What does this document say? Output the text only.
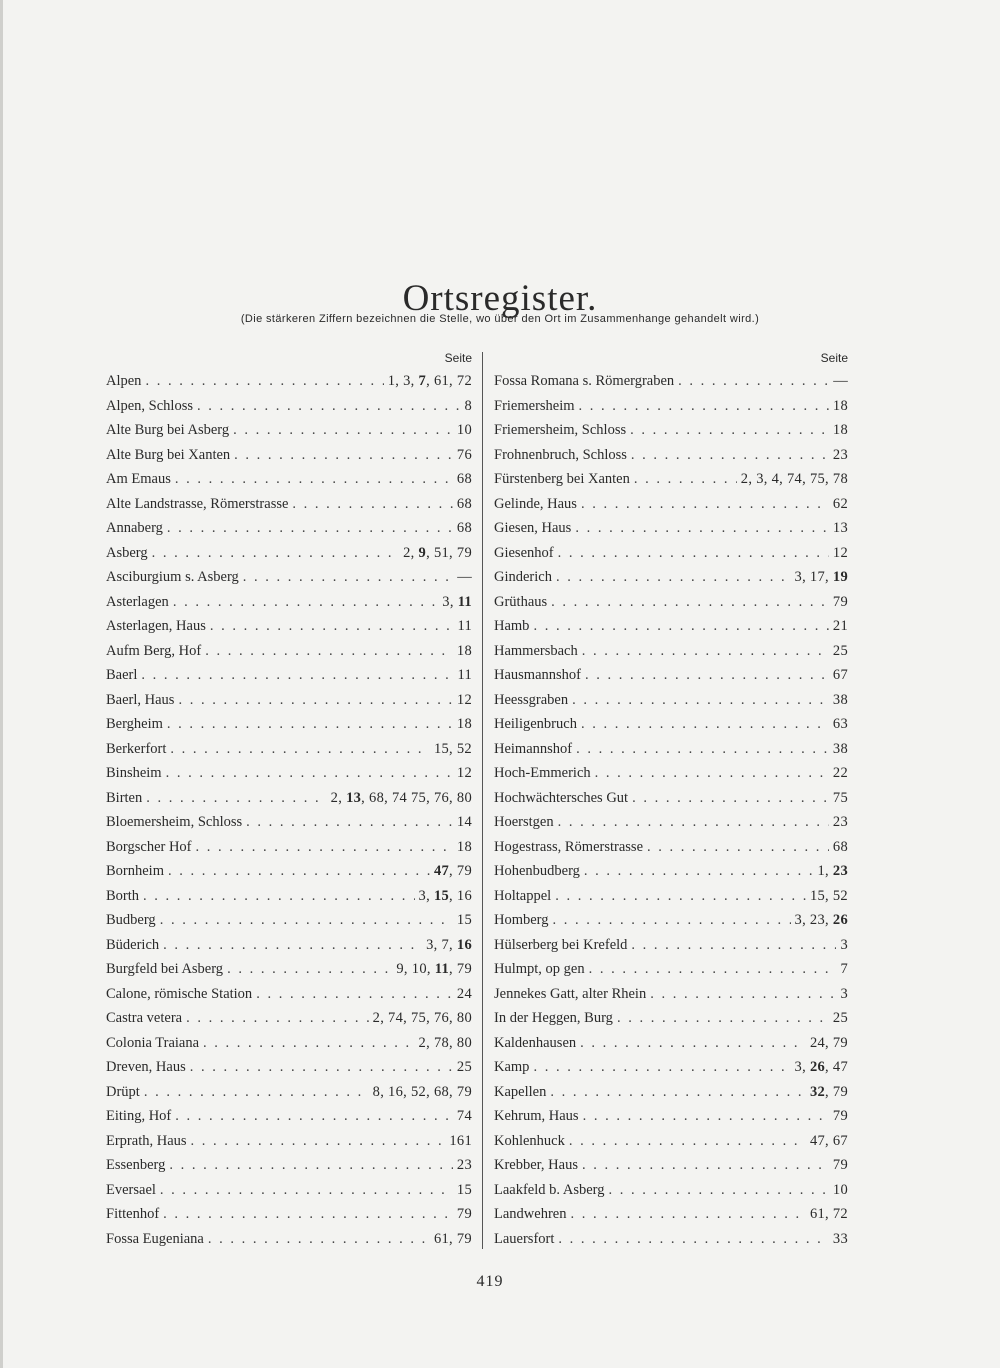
Ortsregister.
(Die stärkeren Ziffern bezeichnen die Stelle, wo über den Ort im Zusammenhange gehandelt wird.)
Seite
Alpen . . .	1, 3, 7, 61, 72
Alpen, Schloss . . .	8
Alte Burg bei Asberg . . .	10
Alte Burg bei Xanten . . .	76
Am Emaus . . .	68
Alte Landstrasse, Römerstrasse . . .	68
Annaberg . . .	68
Asberg . . .	2, 9, 51, 79
Asciburgium s. Asberg . . .	—
Asterlagen . . .	3, 11
Asterlagen, Haus . . .	11
Aufm Berg, Hof . . .	18
Baerl . . .	11
Baerl, Haus . . .	12
Bergheim . . .	18
Berkerfort . . .	15, 52
Binsheim . . .	12
Birten . . .	2, 13, 68, 74 75, 76, 80
Bloemersheim, Schloss . . .	14
Borgscher Hof . . .	18
Bornheim . . .	47, 79
Borth . . .	3, 15, 16
Budberg . . .	15
Büderich . . .	3, 7, 16
Burgfeld bei Asberg . . .	9, 10, 11, 79
Calone, römische Station . . .	24
Castra vetera . . .	2, 74, 75, 76, 80
Colonia Traiana . . .	2, 78, 80
Dreven, Haus . . .	25
Drüpt . . .	8, 16, 52, 68, 79
Eiting, Hof . . .	74
Erprath, Haus . . .	161
Essenberg . . .	23
Eversael . . .	15
Fittenhof . . .	79
Fossa Eugeniana . . .	61, 79
Seite
Fossa Romana s. Römergraben . . .	—
Friemersheim . . .	18
Friemersheim, Schloss . . .	18
Frohnenbruch, Schloss . . .	23
Fürstenberg bei Xanten . . .	2, 3, 4, 74, 75, 78
Gelinde, Haus . . .	62
Giesen, Haus . . .	13
Giesenhof . . .	12
Ginderich . . .	3, 17, 19
Grüthaus . . .	79
Hamb . . .	21
Hammersbach . . .	25
Hausmannshof . . .	67
Heessgraben . . .	38
Heiligenbruch . . .	63
Heimannshof . . .	38
Hoch-Emmerich . . .	22
Hochwächtersches Gut . . .	75
Hoerstgen . . .	23
Hogestrass, Römerstrasse . . .	68
Hohenbudberg . . .	1, 23
Holtappel . . .	15, 52
Homberg . . .	3, 23, 26
Hülserberg bei Krefeld . . .	3
Hulmpt, op gen . . .	7
Jennekes Gatt, alter Rhein . . .	3
In der Heggen, Burg . . .	25
Kaldenhausen . . .	24, 79
Kamp . . .	3, 26, 47
Kapellen . . .	32, 79
Kehrum, Haus . . .	79
Kohlenhuck . . .	47, 67
Krebber, Haus . . .	79
Laakfeld b. Asberg . . .	10
Landwehren . . .	61, 72
Lauersfort . . .	33
419
